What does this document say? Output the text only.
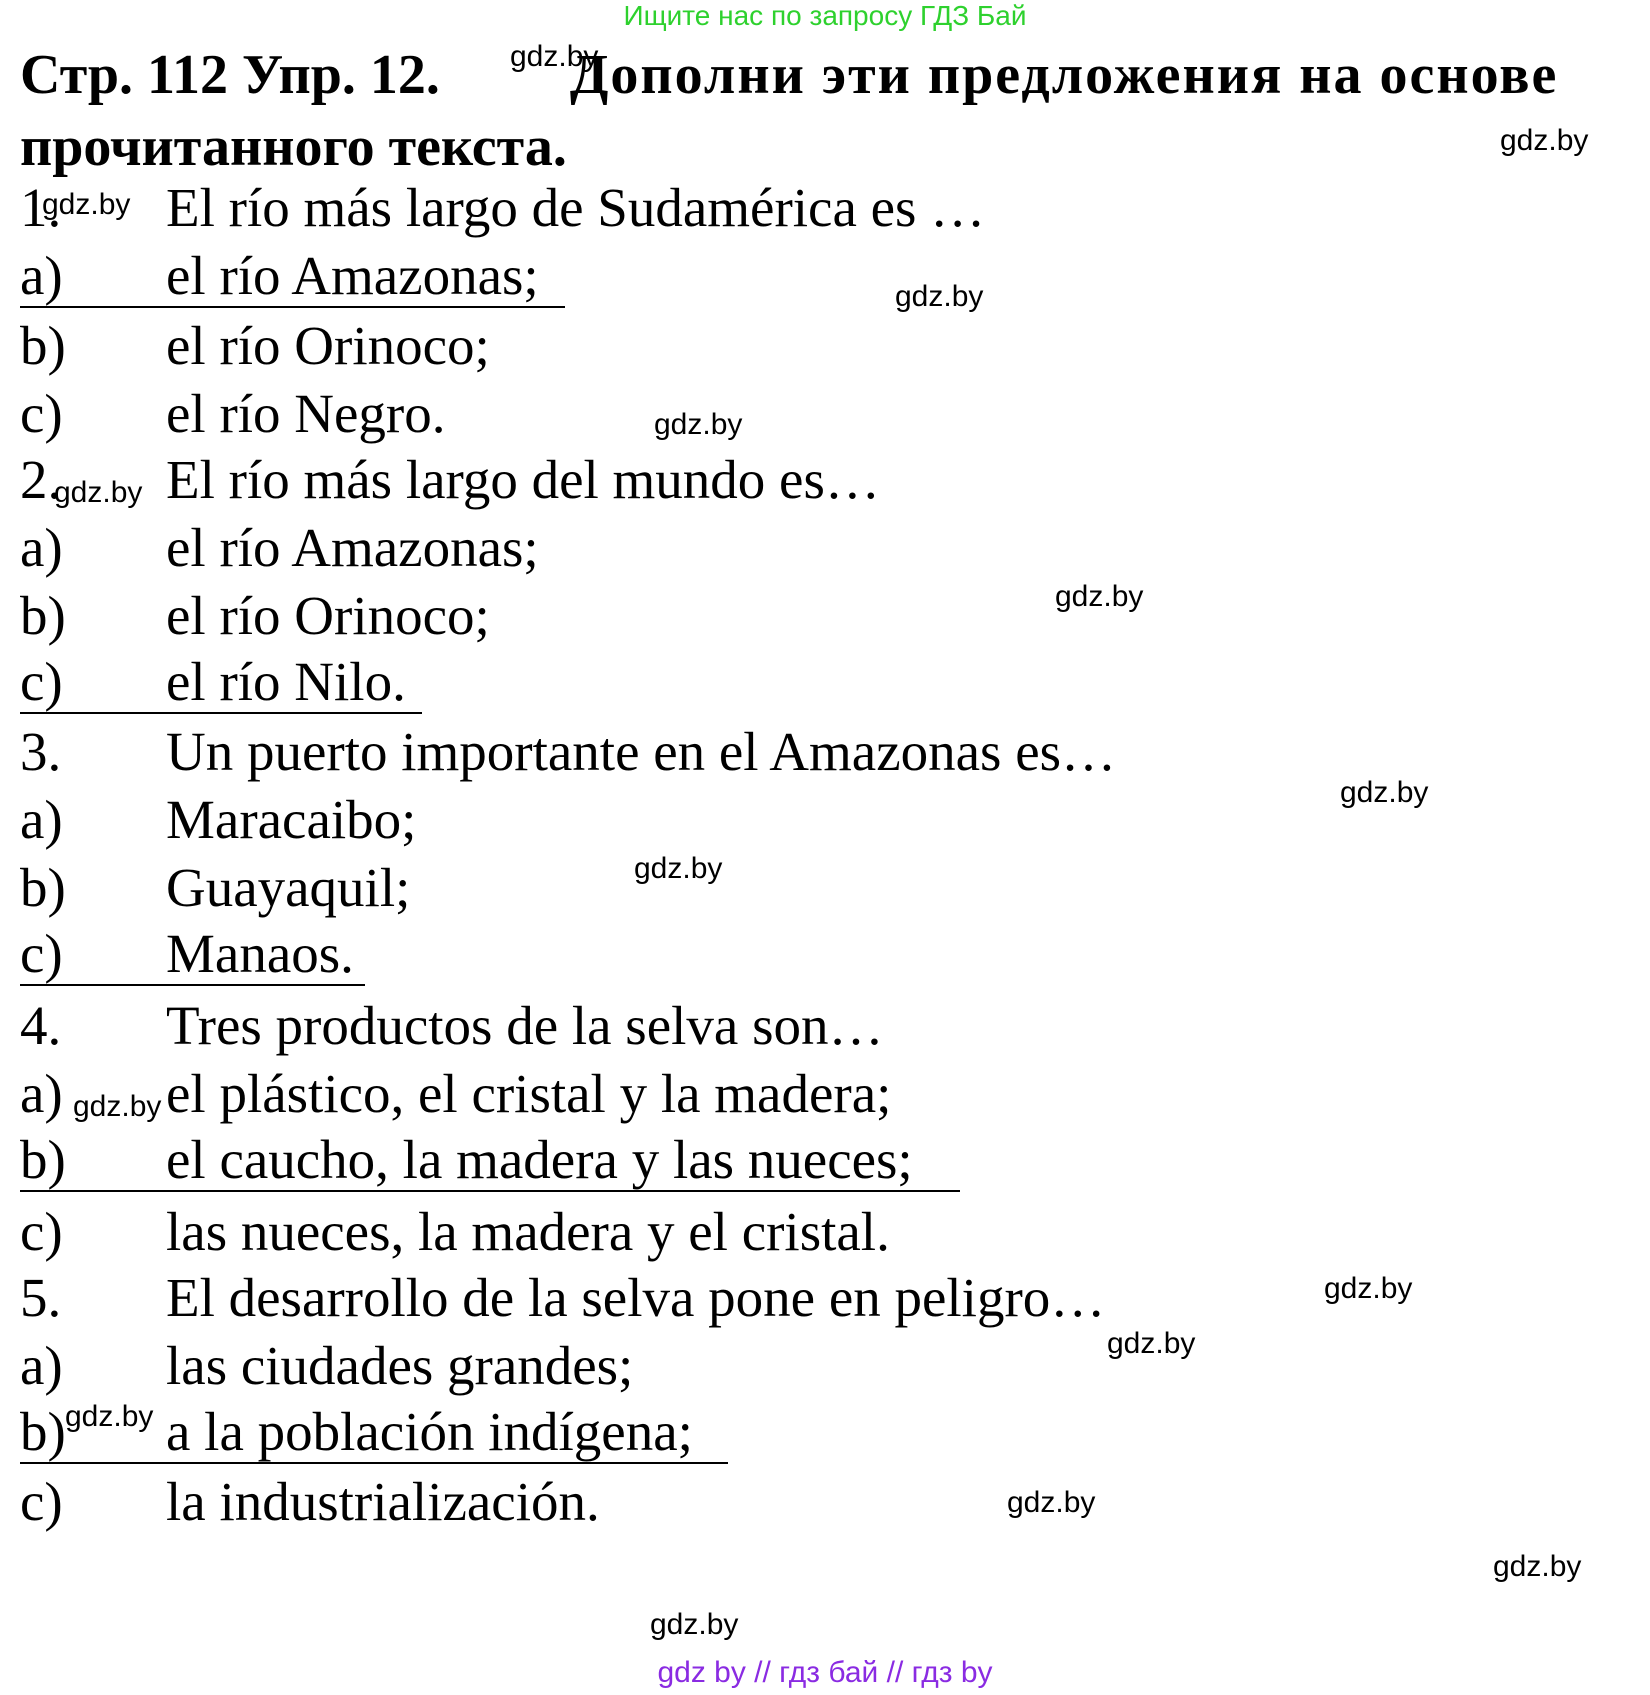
Ищите нас по запросу ГДЗ Бай
Стр. 112 Упр. 12. Дополни эти предложения на основе
прочитанного текста.
1. El río más largo de Sudamérica es …
a) el río Amazonas;
b) el río Orinoco;
c) el río Negro.
2. El río más largo del mundo es…
a) el río Amazonas;
b) el río Orinoco;
c) el río Nilo.
3. Un puerto importante en el Amazonas es…
a) Maracaibo;
b) Guayaquil;
c) Manaos.
4. Tres productos de la selva son…
a) el plástico, el cristal y la madera;
b) el caucho, la madera y las nueces;
c) las nueces, la madera y el cristal.
5. El desarrollo de la selva pone en peligro…
a) las ciudades grandes;
b) a la población indígena;
c) la industrialización.
gdz.by
gdz.by
gdz.by
gdz.by
gdz.by
gdz.by
gdz.by
gdz.by
gdz.by
gdz.by
gdz.by
gdz.by
gdz.by
gdz.by
gdz.by
gdz.by
gdz by // гдз бай // гдз by
